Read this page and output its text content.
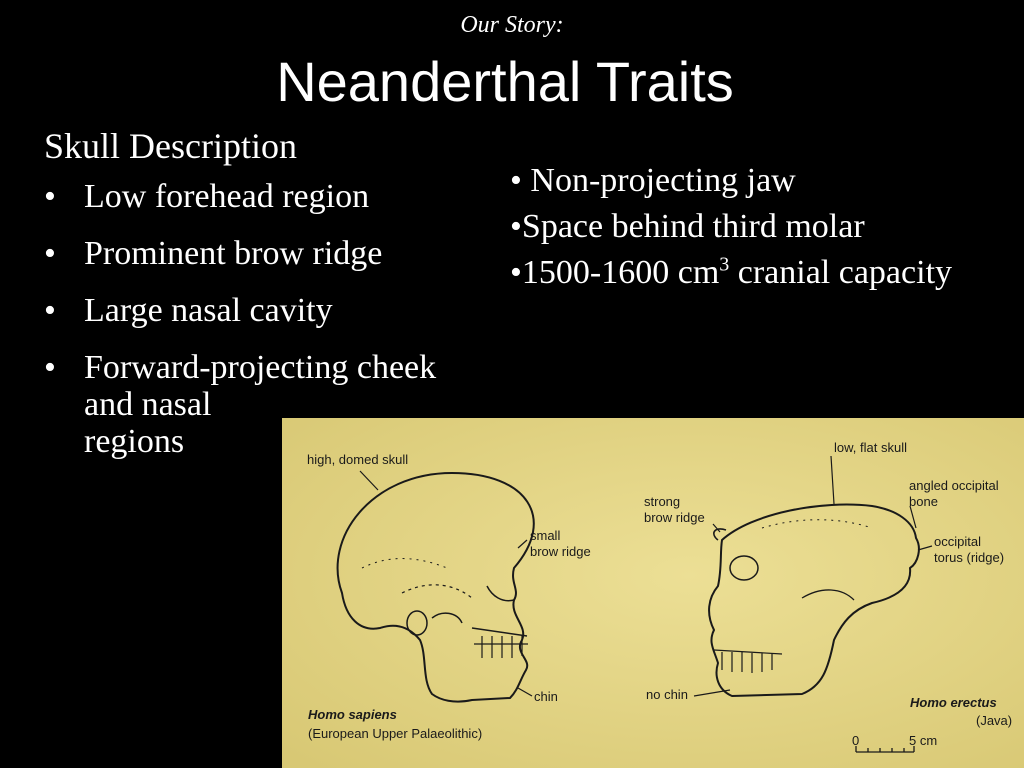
Our Story:
Neanderthal Traits
Skull Description
• Low forehead region
• Prominent brow ridge
• Large nasal cavity
• Forward-projecting cheek
and nasal
regions
• Non-projecting jaw
•Space behind third molar
•1500-1600 $cm^3$ cranial capacity
high, domed skull
small
brow ridge
chin
strong
brow ridge
low, flat skull
angled occipital
bone
occipital
torus (ridge)
no chin
Homo sapiens
(European Upper Palaeolithic)
Homo erectus
(Java)
0	5 cm
